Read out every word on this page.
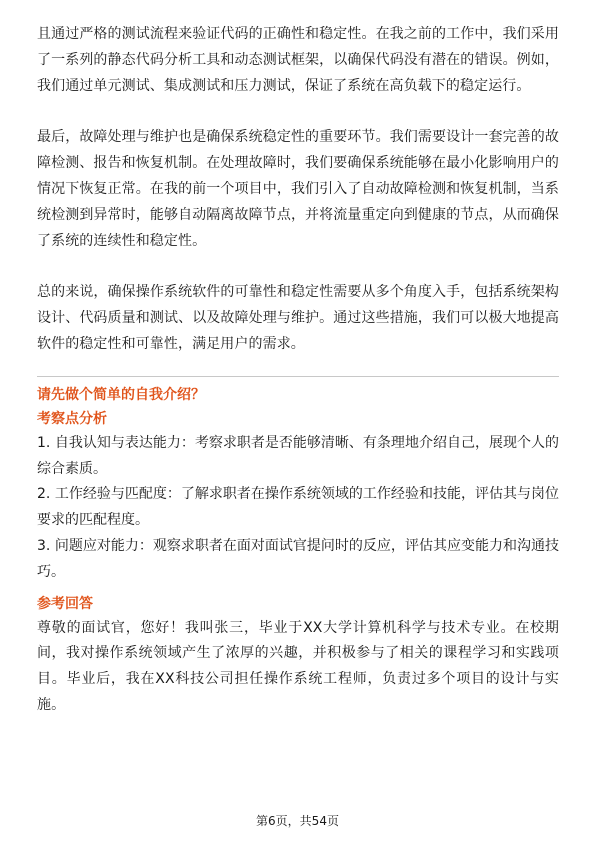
且通过严格的测试流程来验证代码的正确性和稳定性。在我之前的工作中，我们采用了一系列的静态代码分析工具和动态测试框架，以确保代码没有潜在的错误。例如，我们通过单元测试、集成测试和压力测试，保证了系统在高负载下的稳定运行。

最后，故障处理与维护也是确保系统稳定性的重要环节。我们需要设计一套完善的故障检测、报告和恢复机制。在处理故障时，我们要确保系统能够在最小化影响用户的情况下恢复正常。在我的前一个项目中，我们引入了自动故障检测和恢复机制，当系统检测到异常时，能够自动隔离故障节点，并将流量重定向到健康的节点，从而确保了系统的连续性和稳定性。

总的来说，确保操作系统软件的可靠性和稳定性需要从多个角度入手，包括系统架构设计、代码质量和测试、以及故障处理与维护。通过这些措施，我们可以极大地提高软件的稳定性和可靠性，满足用户的需求。

请先做个简单的自我介绍？

考察点分析

1. 自我认知与表达能力：考察求职者是否能够清晰、有条理地介绍自己，展现个人的综合素质。

2. 工作经验与匹配度：了解求职者在操作系统领域的工作经验和技能，评估其与岗位要求的匹配程度。

3. 问题应对能力：观察求职者在面对面试官提问时的反应，评估其应变能力和沟通技巧。

参考回答

尊敬的面试官，您好！我叫张三，毕业于XX大学计算机科学与技术专业。在校期间，我对操作系统领域产生了浓厚的兴趣，并积极参与了相关的课程学习和实践项目。毕业后，我在XX科技公司担任操作系统工程师，负责过多个项目的设计与实施。

第6页，共54页
